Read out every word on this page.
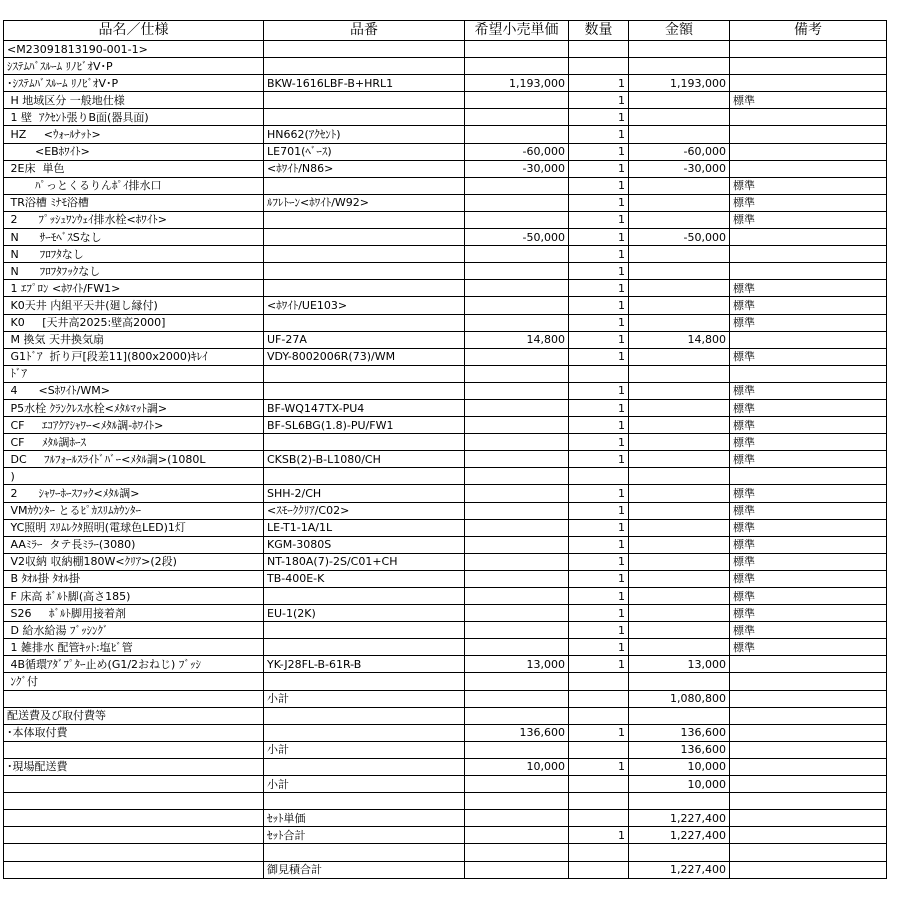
品名／仕様	品番	希望小売単価	数量	金額	備考
<M23091813190-001-1>					
ｼｽﾃﾑﾊﾞｽﾙｰﾑ ﾘﾉﾋﾞｵV･P					
･ｼｽﾃﾑﾊﾞｽﾙｰﾑ ﾘﾉﾋﾞｵV･P	BKW-1616LBF-B+HRL1	1,193,000	1	1,193,000	
H 地域区分 一般地仕様			1		標準
1 壁  ｱｸｾﾝﾄ張りB面(器具面)			1		
HZ     <ｳｫｰﾙﾅｯﾄ>	HN662(ｱｸｾﾝﾄ)		1		
<EBﾎﾜｲﾄ>	LE701(ﾍﾞｰｽ)	-60,000	1	-60,000	
2E床  単色	<ﾎﾜｲﾄ/N86>	-30,000	1	-30,000	
ﾊﾟっとくるりんﾎﾟｲ排水口			1		標準
TR浴槽 ﾐﾅﾓ浴槽	ﾙﾌﾚﾄｰﾝ<ﾎﾜｲﾄ/W92>		1		標準
2      ﾌﾟｯｼｭﾜﾝｳｪｲ排水栓<ﾎﾜｲﾄ>			1		標準
N      ｻｰﾓﾍﾞｽSなし		-50,000	1	-50,000	
N      ﾌﾛﾌﾀなし			1		
N      ﾌﾛﾌﾀﾌｯｸなし			1		
1 ｴﾌﾟﾛﾝ <ﾎﾜｲﾄ/FW1>			1		標準
K0天井 内組平天井(廻し縁付)	<ﾎﾜｲﾄ/UE103>		1		標準
K0     [天井高2025:壁高2000]			1		標準
M 換気 天井換気扇	UF-27A	14,800	1	14,800	
G1ﾄﾞｱ  折り戸[段差11](800x2000)ｷﾚｲ	VDY-8002006R(73)/WM		1		標準
ﾄﾞｱ					
4      <Sﾎﾜｲﾄ/WM>			1		標準
P5水栓 ｸﾗﾝｸﾚｽ水栓<ﾒﾀﾙﾏｯﾄ調>	BF-WQ147TX-PU4		1		標準
CF     ｴｺｱｸｱｼｬﾜｰ<ﾒﾀﾙ調-ﾎﾜｲﾄ>	BF-SL6BG(1.8)-PU/FW1		1		標準
CF     ﾒﾀﾙ調ﾎｰｽ			1		標準
DC     ﾌﾙﾌｫｰﾙｽﾗｲﾄﾞﾊﾞｰ<ﾒﾀﾙ調>(1080L	CKSB(2)-B-L1080/CH		1		標準
)					
2      ｼｬﾜｰﾎｰｽﾌｯｸ<ﾒﾀﾙ調>	SHH-2/CH		1		標準
VMｶｳﾝﾀｰ とるﾋﾟｶｽﾘﾑｶｳﾝﾀｰ	<ｽﾓｰｸｸﾘｱ/C02>		1		標準
YC照明 ｽﾘﾑﾚｸﾀ照明(電球色LED)1灯	LE-T1-1A/1L		1		標準
AAﾐﾗｰ  タテ長ﾐﾗｰ(3080)	KGM-3080S		1		標準
V2収納 収納棚180W<ｸﾘｱ>(2段)	NT-180A(7)-2S/C01+CH		1		標準
B ﾀｵﾙ掛 ﾀｵﾙ掛	TB-400E-K		1		標準
F 床高 ﾎﾞﾙﾄ脚(高さ185)			1		標準
S26     ﾎﾞﾙﾄ脚用接着剤	EU-1(2K)		1		標準
D 給水給湯 ﾌﾞｯｼﾝｸﾞ			1		標準
1 雑排水 配管ｷｯﾄ:塩ﾋﾞ管			1		標準
4B循環ｱﾀﾞﾌﾟﾀｰ止め(G1/2おねじ) ﾌﾞｯｼ	YK-J28FL-B-61R-B	13,000	1	13,000	
ﾝｸﾞ付					
	小計			1,080,800	
配送費及び取付費等					
･本体取付費		136,600	1	136,600	
	小計			136,600	
･現場配送費		10,000	1	10,000	
	小計			10,000	

	ｾｯﾄ単価			1,227,400	
	ｾｯﾄ合計		1	1,227,400	

	御見積合計			1,227,400	
